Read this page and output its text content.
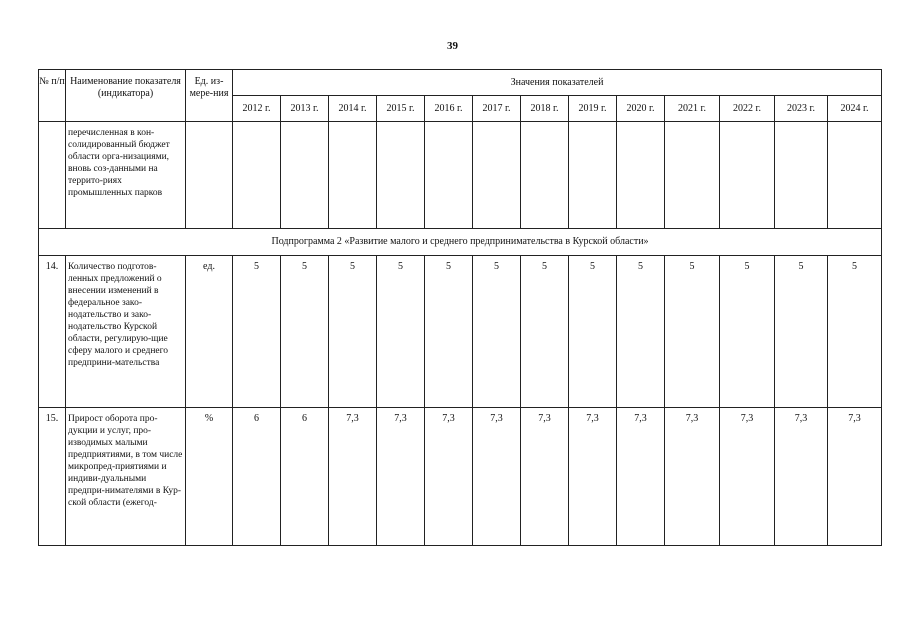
39
№ п/п	Наименование показателя (индикатора)	Ед. из-мере-ния	Значения показателей												
			2012 г.	2013 г.	2014 г.	2015 г.	2016 г.	2017 г.	2018 г.	2019 г.	2020 г.	2021 г.	2022 г.	2023 г.	2024 г.
	перечисленная в кон-солидированный бюджет области орга-низациями, вновь соз-данными на террито-риях промышленных парков														
Подпрограмма 2 «Развитие малого и среднего предпринимательства в Курской области»															
14.	Количество подготов-ленных предложений о внесении изменений в федеральное зако-нодательство и зако-нодательство Курской области, регулирую-щие сферу малого и среднего предприни-мательства	ед.	5	5	5	5	5	5	5	5	5	5	5	5	5
15.	Прирост оборота про-дукции и услуг, про-изводимых малыми предприятиями, в том числе микропред-приятиями и индиви-дуальными предпри-нимателями в Кур-ской области (ежегод-	%	6	6	7,3	7,3	7,3	7,3	7,3	7,3	7,3	7,3	7,3	7,3	7,3
